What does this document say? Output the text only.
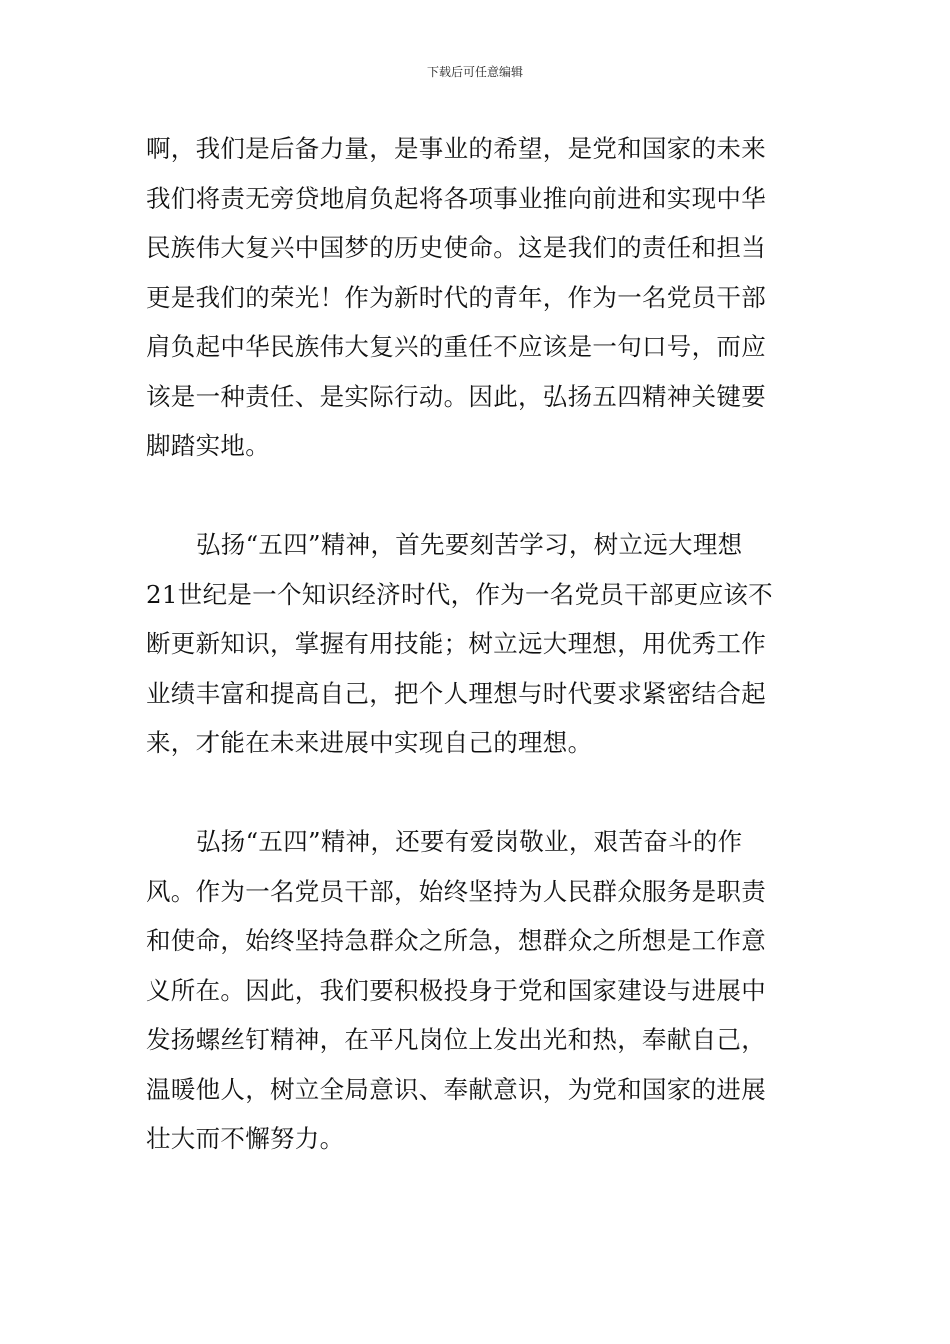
下载后可任意编辑

啊，我们是后备力量，是事业的希望，是党和国家的未来
我们将责无旁贷地肩负起将各项事业推向前进和实现中华
民族伟大复兴中国梦的历史使命。这是我们的责任和担当
更是我们的荣光！作为新时代的青年，作为一名党员干部
肩负起中华民族伟大复兴的重任不应该是一句口号，而应
该是一种责任、是实际行动。因此，弘扬五四精神关键要
脚踏实地。

弘扬“五四”精神，首先要刻苦学习，树立远大理想
21世纪是一个知识经济时代，作为一名党员干部更应该不
断更新知识，掌握有用技能；树立远大理想，用优秀工作
业绩丰富和提高自己，把个人理想与时代要求紧密结合起
来，才能在未来进展中实现自己的理想。

弘扬“五四”精神，还要有爱岗敬业，艰苦奋斗的作
风。作为一名党员干部，始终坚持为人民群众服务是职责
和使命，始终坚持急群众之所急，想群众之所想是工作意
义所在。因此，我们要积极投身于党和国家建设与进展中
发扬螺丝钉精神，在平凡岗位上发出光和热，奉献自己，
温暖他人，树立全局意识、奉献意识，为党和国家的进展
壮大而不懈努力。
